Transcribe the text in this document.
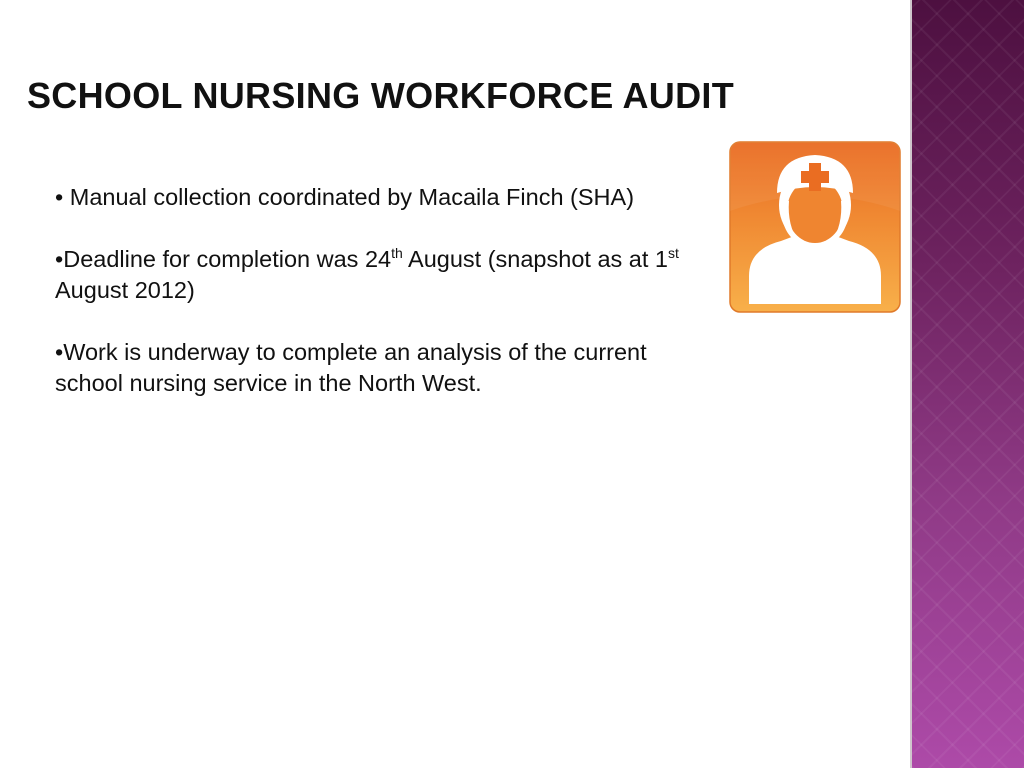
SCHOOL NURSING WORKFORCE AUDIT
• Manual collection coordinated by Macaila Finch (SHA)
•Deadline for completion was 24th August (snapshot as at 1st August 2012)
•Work is underway to complete an analysis of the current school nursing service in the North West.
